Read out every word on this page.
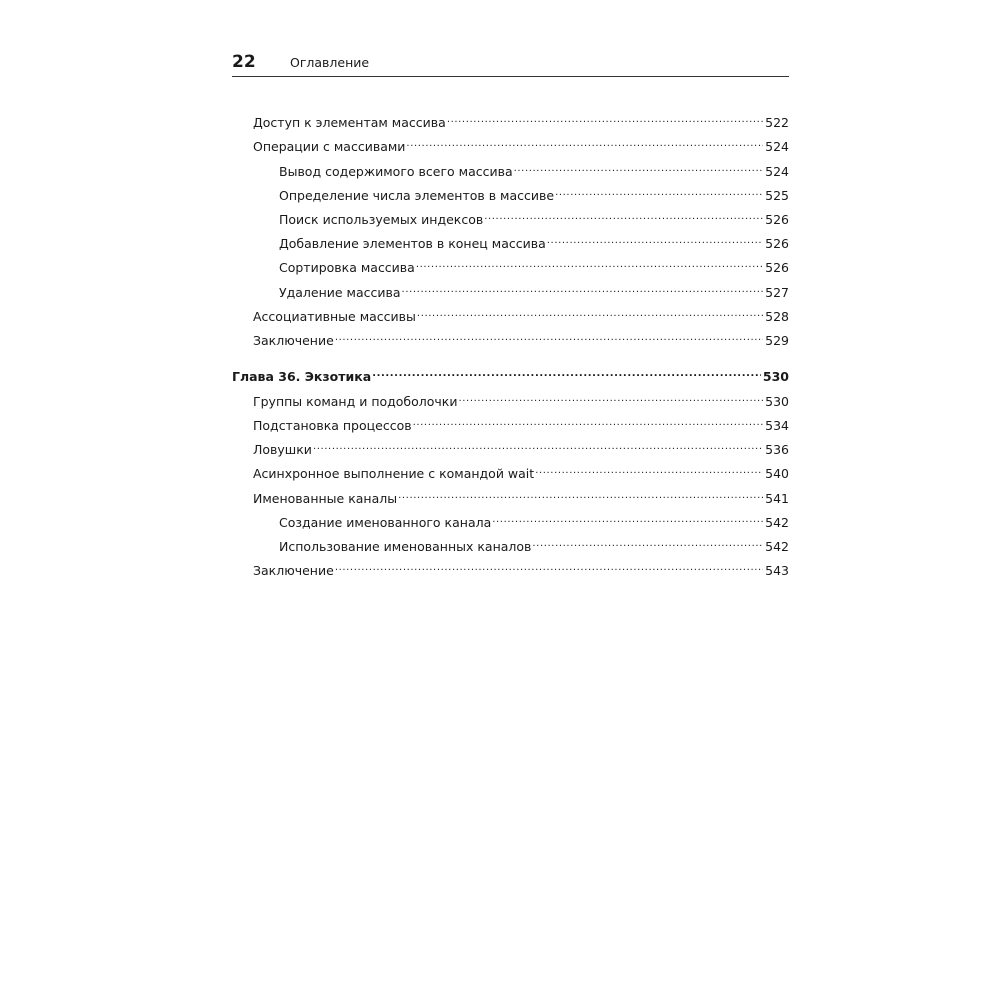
22	Оглавление
Доступ к элементам массива .....	522
Операции с массивами .....	524
Вывод содержимого всего массива .....	524
Определение числа элементов в массиве .....	525
Поиск используемых индексов .....	526
Добавление элементов в конец массива .....	526
Сортировка массива .....	526
Удаление массива .....	527
Ассоциативные массивы .....	528
Заключение .....	529
Глава 36. Экзотика .....	530
Группы команд и подоболочки .....	530
Подстановка процессов .....	534
Ловушки .....	536
Асинхронное выполнение с командой wait .....	540
Именованные каналы .....	541
Создание именованного канала .....	542
Использование именованных каналов .....	542
Заключение .....	543
